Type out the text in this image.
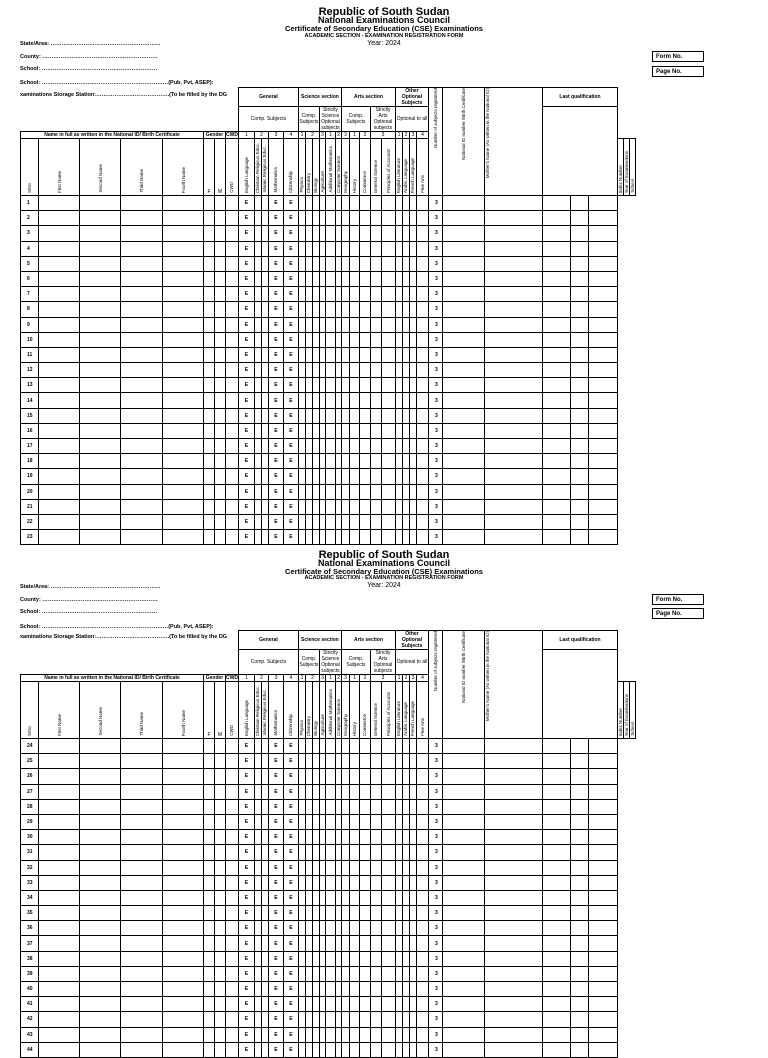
Republic of South Sudan
National Examinations Council
Certificate of Secondary Education (CSE) Examinations
ACADEMIC SECTION - EXAMINATION REGISTRATION FORM
Year: 2024
State/Area: ……………………………………………………
County: ………………………………………………………
School: ………………………………………………………
School: ……………………………………………………………(Pub, Pvt, ASEP):
xaminations Storage Station:………………………………….(To be filled by the DG
Form No.
Page No.
								General					Science section						Arts section					Other Optional Subjects				Number of subjects registered	National ID number /Birth Certificate	Mother's Name (As written in the National ID)	Last qualification					
								Comp. Subjects					Comp. Subjects			Strictly Science Optional subjects			Comp. Subjects			Strictly Arts Optional subjects		Optional to all												
Name in full as written in the National ID/ Birth Certificate					Gender		CWD	1	2		3	4	1	2		3	1	2	3	1	2	3		1	2	3	4									
S/No	First Name	Second Name	Third Name	Fourth Name	F	M	CWD	English Language	Christian Religious Educ.	Islamic Religious Educ.	Mathematics	Citizenship	Physics	Chemistry	Biology	Agriculture	Additional Mathematics	Computer Science	Geography	History	Commerce	General Science	Principles of Accounts	English Literature	Arabic Language	French Language	Fine Arts							Index Number	Year of Examinations	School
1								E			E	E																3								
2								E			E	E																3								
3								E			E	E																3								
4								E			E	E																3								
5								E			E	E																3								
6								E			E	E																3								
7								E			E	E																3								
8								E			E	E																3								
9								E			E	E																3								
10								E			E	E																3								
11								E			E	E																3								
12								E			E	E																3								
13								E			E	E																3								
14								E			E	E																3								
15								E			E	E																3								
16								E			E	E																3								
17								E			E	E																3								
18								E			E	E																3								
19								E			E	E																3								
20								E			E	E																3								
21								E			E	E																3								
22								E			E	E																3								
23								E			E	E																3								
Republic of South Sudan
National Examinations Council
Certificate of Secondary Education (CSE) Examinations
ACADEMIC SECTION - EXAMINATION REGISTRATION FORM
Year: 2024
State/Area: ……………………………………………………
County: ………………………………………………………
School: ………………………………………………………
School: ……………………………………………………………(Pub, Pvt, ASEP):
xaminations Storage Station:………………………………….(To be filled by the DG
Form No.
Page No.
								General					Science section						Arts section					Other Optional Subjects				Number of subjects registered	National ID number /Birth Certificate	Mother's Name (As written in the National ID)	Last qualification					
								Comp. Subjects					Comp. Subjects			Strictly Science Optional subjects			Comp. Subjects			Strictly Arts Optional subjects		Optional to all												
Name in full as written in the National ID/ Birth Certificate					Gender		CWD	1	2		3	4	1	2		3	1	2	3	1	2	3		1	2	3	4									
S/No	First Name	Second Name	Third Name	Fourth Name	F	M	CWD	English Language	Christian Religious Educ.	Islamic Religious Educ.	Mathematics	Citizenship	Physics	Chemistry	Biology	Agriculture	Additional Mathematics	Computer Science	Geography	History	Commerce	General Science	Principles of Accounts	English Literature	Arabic Language	French Language	Fine Arts							Index Number	Year of Examinations	School
24								E			E	E																3								
25								E			E	E																3								
26								E			E	E																3								
27								E			E	E																3								
28								E			E	E																3								
29								E			E	E																3								
30								E			E	E																3								
31								E			E	E																3								
32								E			E	E																3								
33								E			E	E																3								
34								E			E	E																3								
35								E			E	E																3								
36								E			E	E																3								
37								E			E	E																3								
38								E			E	E																3								
39								E			E	E																3								
40								E			E	E																3								
41								E			E	E																3								
42								E			E	E																3								
43								E			E	E																3								
44								E			E	E																3								
